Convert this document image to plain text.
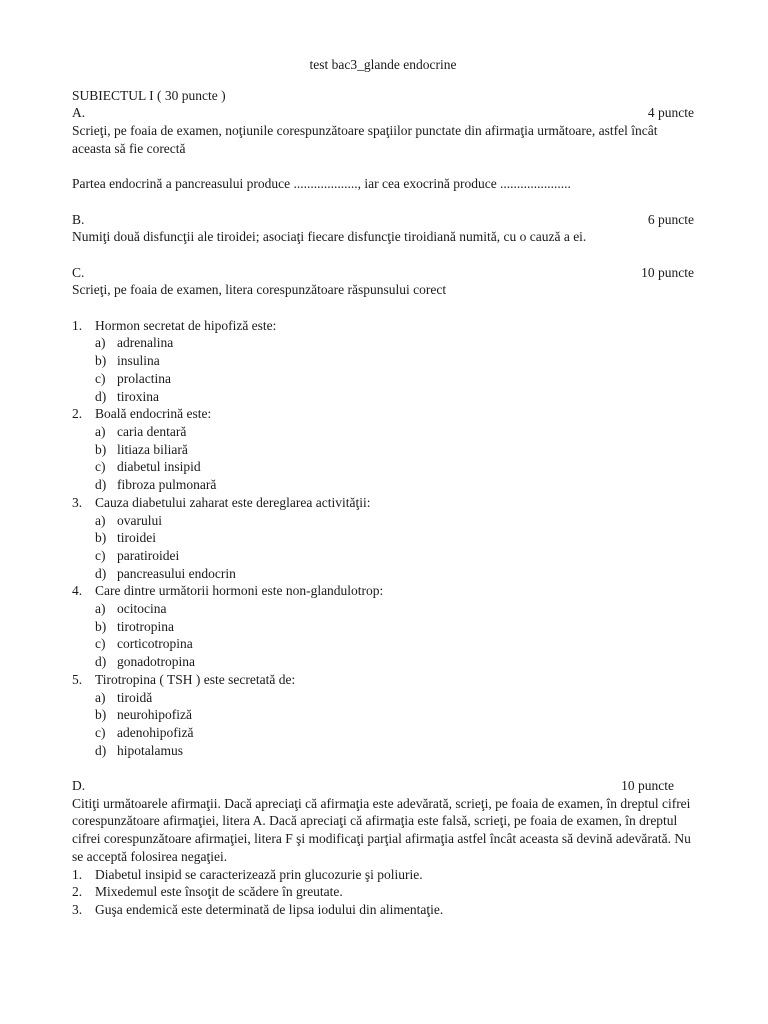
test bac3_glande endocrine

SUBIECTUL I ( 30 puncte )

A.	4 puncte

Scrieţi, pe foaia de examen, noţiunile corespunzătoare spaţiilor punctate din afirmaţia următoare, astfel încât aceasta să fie corectă

Partea endocrină a pancreasului produce ..................., iar cea exocrină produce .....................

B.	6 puncte

Numiţi două disfuncţii ale tiroidei; asociaţi fiecare disfuncţie tiroidiană numită, cu o cauză a ei.

C.	10 puncte

Scrieţi, pe foaia de examen, litera corespunzătoare răspunsului corect

1. Hormon secretat de hipofiză este:
a) adrenalina
b) insulina
c) prolactina
d) tiroxina
2. Boală endocrină este:
a) caria dentară
b) litiaza biliară
c) diabetul insipid
d) fibroza pulmonară
3. Cauza diabetului zaharat este dereglarea activităţii:
a) ovarului
b) tiroidei
c) paratiroidei
d) pancreasului endocrin
4. Care dintre următorii hormoni este non-glandulotrop:
a) ocitocina
b) tirotropina
c) corticotropina
d) gonadotropina
5. Tirotropina ( TSH ) este secretată de:
a) tiroidă
b) neurohipofiză
c) adenohipofiză
d) hipotalamus
D.	10 puncte

Citiţi următoarele afirmaţii. Dacă apreciaţi că afirmaţia este adevărată, scrieţi, pe foaia de examen, în dreptul cifrei corespunzătoare afirmaţiei, litera A. Dacă apreciaţi că afirmaţia este falsă, scrieţi, pe foaia de examen, în dreptul cifrei corespunzătoare afirmaţiei, litera F şi modificaţi parţial afirmaţia astfel încât aceasta să devină adevărată. Nu se acceptă folosirea negaţiei.

1. Diabetul insipid se caracterizează prin glucozurie şi poliurie.
2. Mixedemul este însoţit de scădere în greutate.
3. Guşa endemică este determinată de lipsa iodului din alimentaţie.
